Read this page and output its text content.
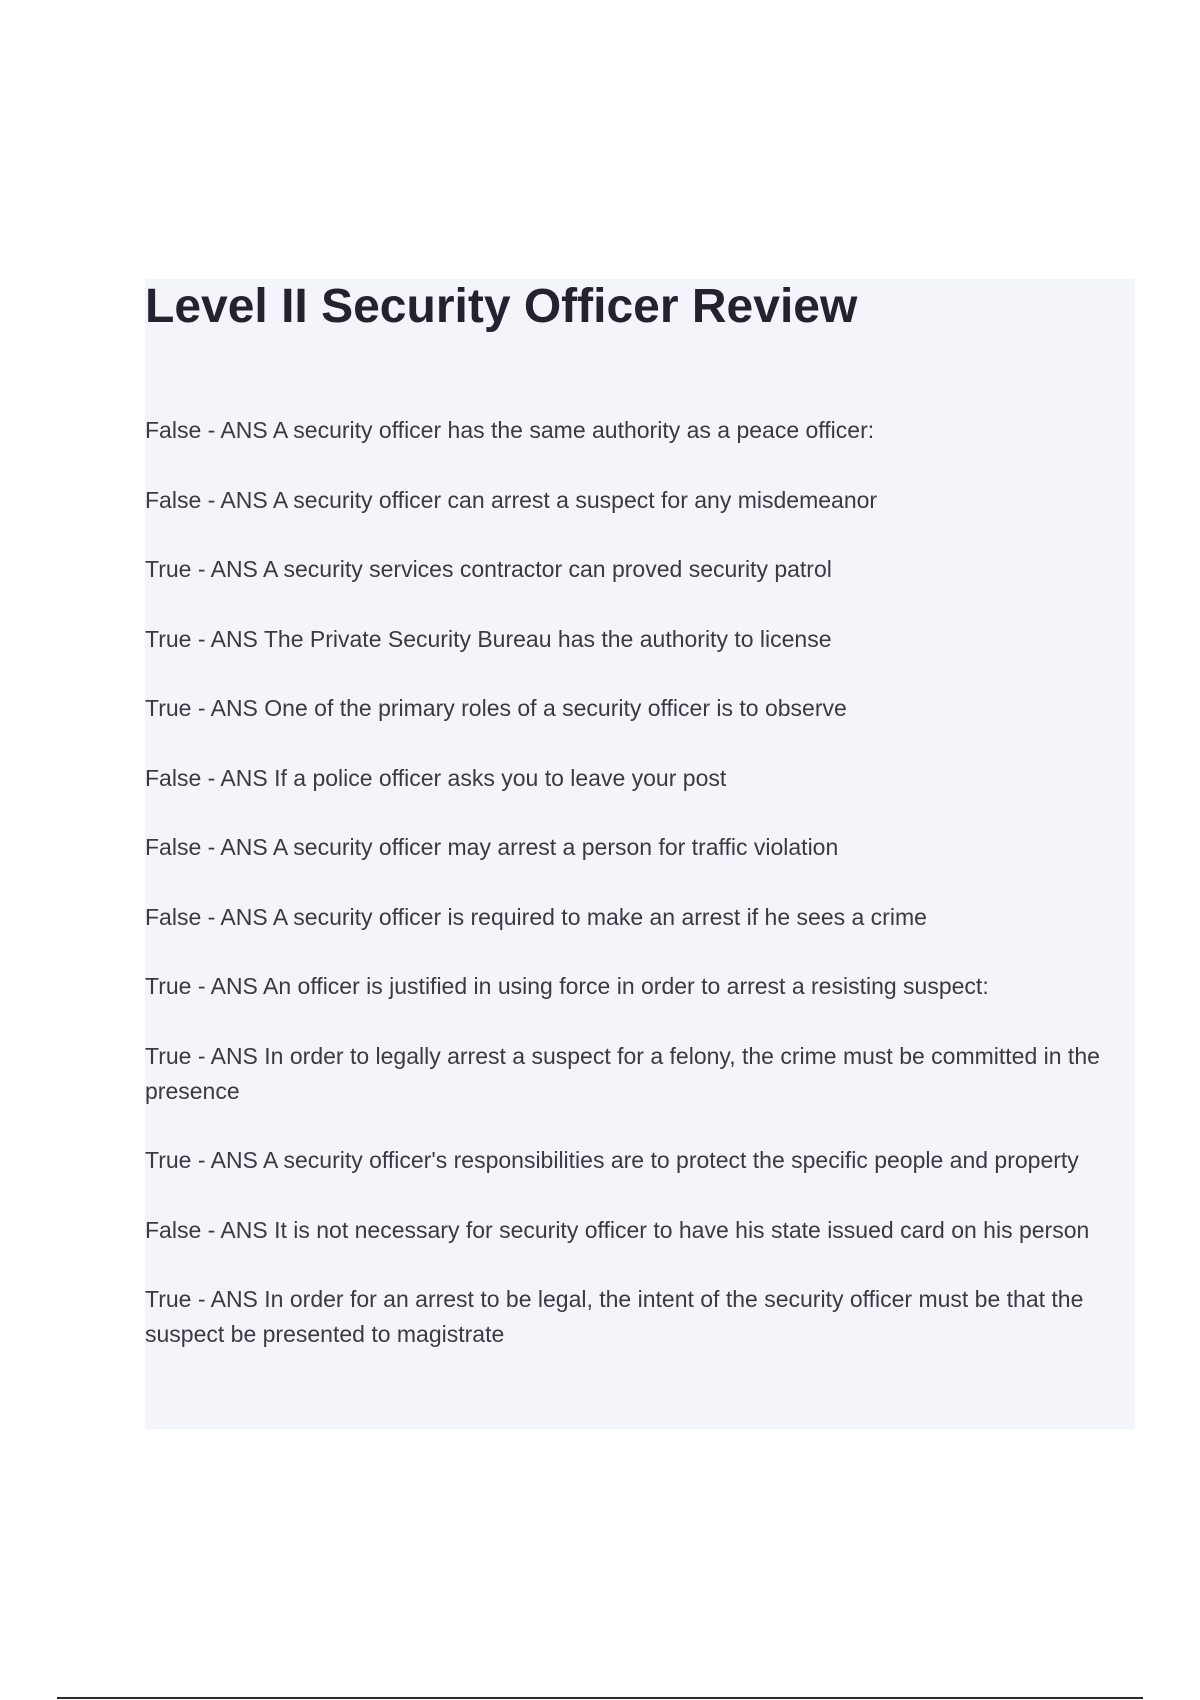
Level II Security Officer Review
False - ANS A security officer has the same authority as a peace officer:
False - ANS A security officer can arrest a suspect for any misdemeanor
True - ANS A security services contractor can proved security patrol
True - ANS The Private Security Bureau has the authority to license
True - ANS One of the primary roles of a security officer is to observe
False - ANS If a police officer asks you to leave your post
False - ANS A security officer may arrest a person for traffic violation
False - ANS A security officer is required to make an arrest if he sees a crime
True - ANS An officer is justified in using force in order to arrest a resisting suspect:
True - ANS In order to legally arrest a suspect for a felony, the crime must be committed in the presence
True - ANS A security officer's responsibilities are to protect the specific people and property
False - ANS It is not necessary for security officer to have his state issued card on his person
True - ANS In order for an arrest to be legal, the intent of the security officer must be that the suspect be presented to magistrate
